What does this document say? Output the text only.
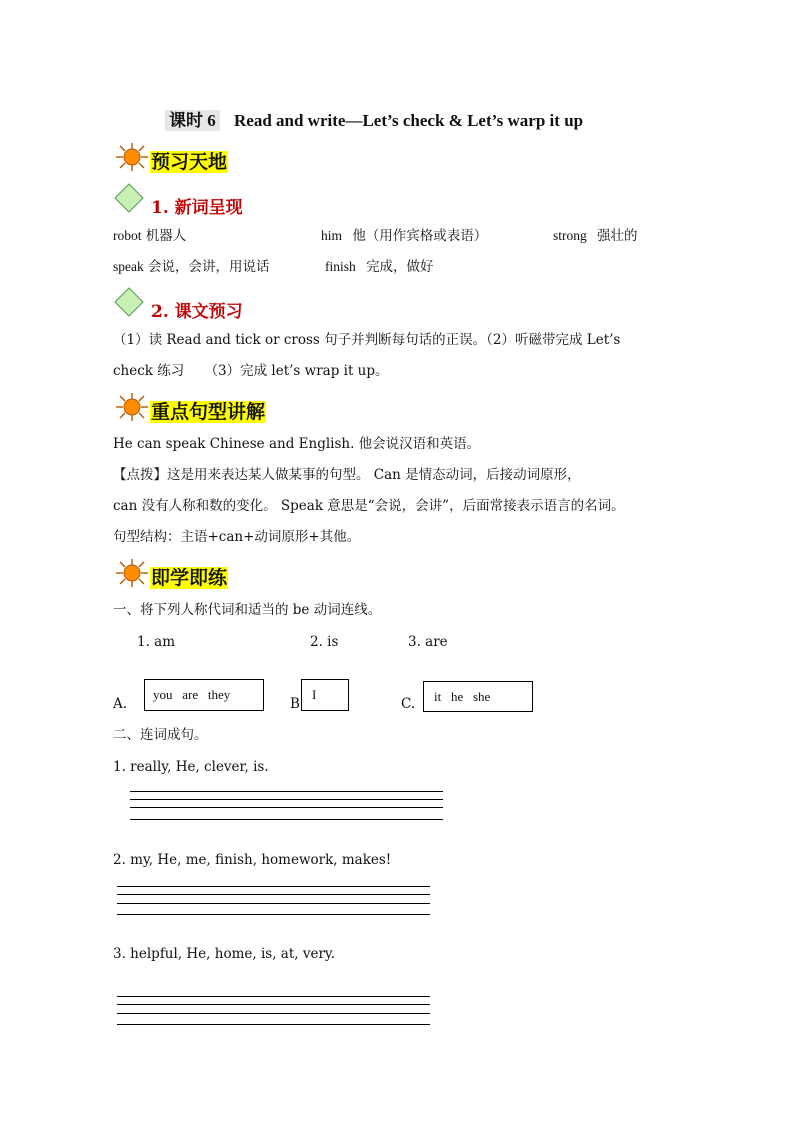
课时 6 Read and write—Let’s check & Let’s warp it up
预习天地
1. 新词呈现
robot 机器人	him 他（用作宾格或表语）	strong 强壮的
speak 会说，会讲，用说话	finish 完成，做好
2. 课文预习
（1）读 Read and tick or cross 句子并判断每句话的正误。（2）听磁带完成 Let’s
check 练习　　（3）完成 let’s wrap it up。
重点句型讲解
He can speak Chinese and English. 他会说汉语和英语。
【点拨】这是用来表达某人做某事的句型。 Can 是情态动词，后接动词原形，
can 没有人称和数的变化。 Speak 意思是“会说，会讲”，后面常接表示语言的名词。
句型结构：主语+can+动词原形+其他。
即学即练
一、将下列人称代词和适当的 be 动词连线。
1. am	2. is	3. are
A.
you   are   they
B
I
C. it   he   she
二、连词成句。
1. really, He, clever, is.
2. my, He, me, finish, homework, makes!
3. helpful, He, home, is, at, very.
